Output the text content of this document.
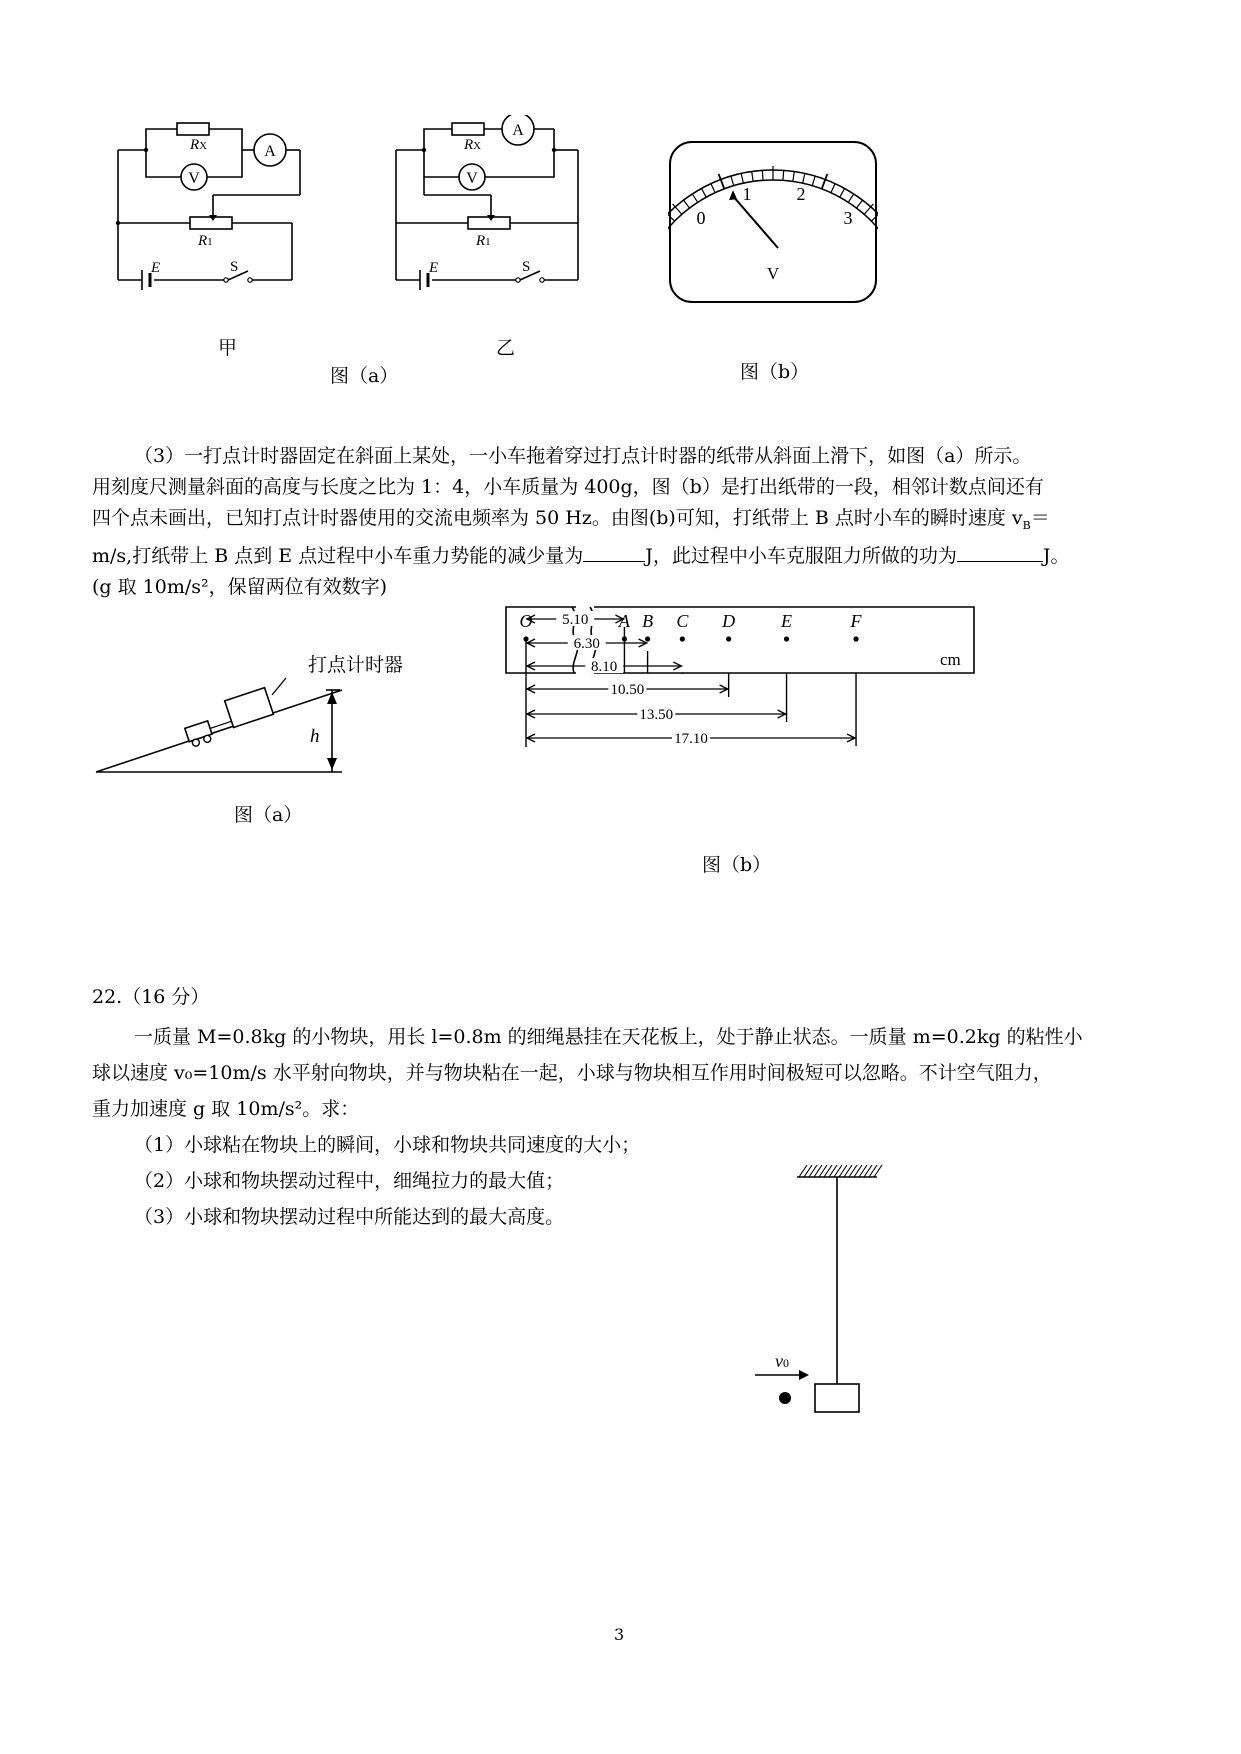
A
V
RX
R1
E	S
甲
A
V
RX
R1
E	S
乙
图（a）
0
1	2
3
V
图（b）
（3）一打点计时器固定在斜面上某处，一小车拖着穿过打点计时器的纸带从斜面上滑下，如图（a）所示。
用刻度尺测量斜面的高度与长度之比为 1：4，小车质量为 400g，图（b）是打出纸带的一段，相邻计数点间还有
四个点未画出，已知打点计时器使用的交流电频率为 50 Hz。由图(b)可知，打纸带上 B 点时小车的瞬时速度 $v_B=$
m/s,打纸带上 B 点到 E 点过程中小车重力势能的减少量为	J，此过程中小车克服阻力所做的功为	J。
(g 取 10m/s²，保留两位有效数字)
h
打点计时器
图（a）
O	A B C D	E	F
5.10
6.30
8.10
10.50
13.50
17.10
cm
图（b）
22.（16 分）
一质量 M=0.8kg 的小物块，用长 l=0.8m 的细绳悬挂在天花板上，处于静止状态。一质量 m=0.2kg 的粘性小
球以速度 v₀=10m/s 水平射向物块，并与物块粘在一起，小球与物块相互作用时间极短可以忽略。不计空气阻力，
重力加速度 g 取 10m/s²。求：
（1）小球粘在物块上的瞬间，小球和物块共同速度的大小；
（2）小球和物块摆动过程中，细绳拉力的最大值；
（3）小球和物块摆动过程中所能达到的最大高度。
v0
3
